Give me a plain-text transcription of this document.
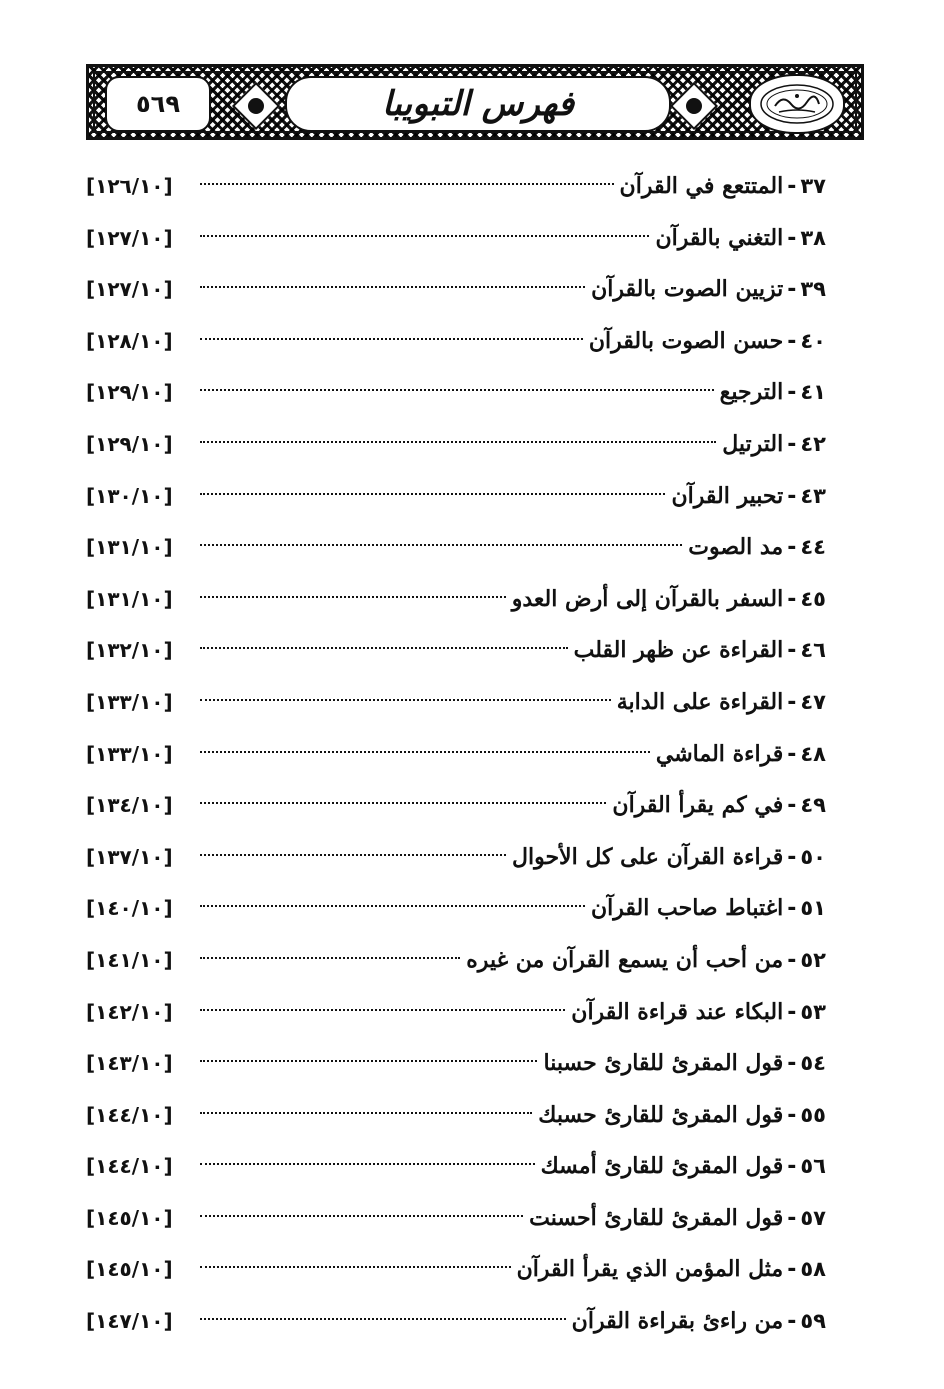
فهرس التبويبا
٥٦٩
٣٧
-
المتتعع في القرآن
[١٢٦/١٠]
٣٨
-
التغني بالقرآن
[١٢٧/١٠]
٣٩
-
تزيين الصوت بالقرآن
[١٢٧/١٠]
٤٠
-
حسن الصوت بالقرآن
[١٢٨/١٠]
٤١
-
الترجيع
[١٢٩/١٠]
٤٢
-
الترتيل
[١٢٩/١٠]
٤٣
-
تحبير القرآن
[١٣٠/١٠]
٤٤
-
مد الصوت
[١٣١/١٠]
٤٥
-
السفر بالقرآن إلى أرض العدو
[١٣١/١٠]
٤٦
-
القراءة عن ظهر القلب
[١٣٢/١٠]
٤٧
-
القراءة على الدابة
[١٣٣/١٠]
٤٨
-
قراءة الماشي
[١٣٣/١٠]
٤٩
-
في كم يقرأ القرآن
[١٣٤/١٠]
٥٠
-
قراءة القرآن على كل الأحوال
[١٣٧/١٠]
٥١
-
اغتباط صاحب القرآن
[١٤٠/١٠]
٥٢
-
من أحب أن يسمع القرآن من غيره
[١٤١/١٠]
٥٣
-
البكاء عند قراءة القرآن
[١٤٢/١٠]
٥٤
-
قول المقرئ للقارئ حسبنا
[١٤٣/١٠]
٥٥
-
قول المقرئ للقارئ حسبك
[١٤٤/١٠]
٥٦
-
قول المقرئ للقارئ أمسك
[١٤٤/١٠]
٥٧
-
قول المقرئ للقارئ أحسنت
[١٤٥/١٠]
٥٨
-
مثل المؤمن الذي يقرأ القرآن
[١٤٥/١٠]
٥٩
-
من راءئ بقراءة القرآن
[١٤٧/١٠]
